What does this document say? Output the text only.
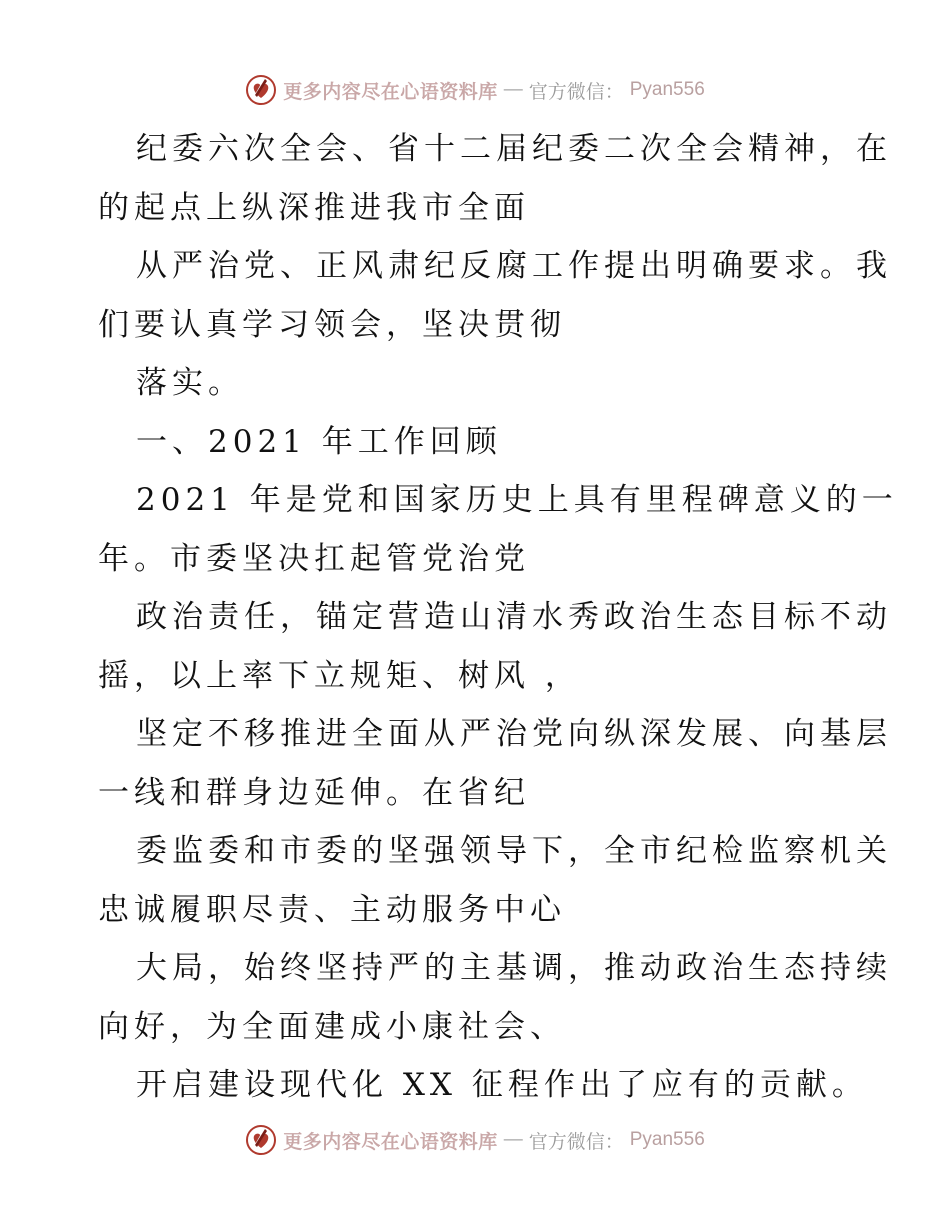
更多内容尽在心语资料库 — 官方微信： Pyan556
纪委六次全会、省十二届纪委二次全会精神，在
的起点上纵深推进我市全面
从严治党、正风肃纪反腐工作提出明确要求。我
们要认真学习领会，坚决贯彻
落实。
一、2021 年工作回顾
2021 年是党和国家历史上具有里程碑意义的一
年。市委坚决扛起管党治党
政治责任，锚定营造山清水秀政治生态目标不动
摇，以上率下立规矩、树风 ，
坚定不移推进全面从严治党向纵深发展、向基层
一线和群身边延伸。在省纪
委监委和市委的坚强领导下，全市纪检监察机关
忠诚履职尽责、主动服务中心
大局，始终坚持严的主基调，推动政治生态持续
向好，为全面建成小康社会、
开启建设现代化 XX 征程作出了应有的贡献。
更多内容尽在心语资料库 — 官方微信： Pyan556
